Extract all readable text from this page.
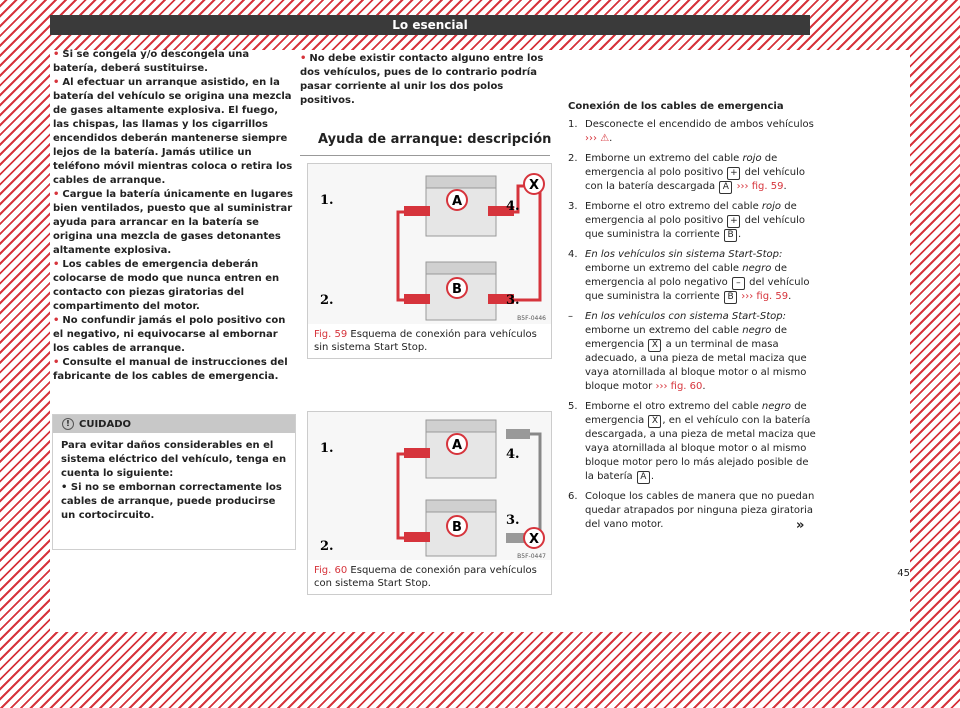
Lo esencial

• Si se congela y/o descongela una batería, deberá sustituirse.

• Al efectuar un arranque asistido, en la batería del vehículo se origina una mezcla de gases altamente explosiva. El fuego, las chispas, las llamas y los cigarrillos encendidos deberán mantenerse siempre lejos de la batería. Jamás utilice un teléfono móvil mientras coloca o retira los cables de arranque.

• Cargue la batería únicamente en lugares bien ventilados, puesto que al suministrar ayuda para arrancar en la batería se origina una mezcla de gases detonantes altamente explosiva.

• Los cables de emergencia deberán colocarse de modo que nunca entren en contacto con piezas giratorias del compartimento del motor.

• No confundir jamás el polo positivo con el negativo, ni equivocarse al embornar los cables de arranque.

• Consulte el manual de instrucciones del fabricante de los cables de emergencia.

! CUIDADO
Para evitar daños considerables en el sistema eléctrico del vehículo, tenga en cuenta lo siguiente:
• Si no se embornan correctamente los cables de arranque, puede producirse un cortocircuito.

• No debe existir contacto alguno entre los dos vehículos, pues de lo contrario podría pasar corriente al unir los dos polos positivos.

Ayuda de arranque: descripción
1.
2.	3.
4.
A
B
X
B5F-0446
Fig. 59 Esquema de conexión para vehículos sin sistema Start Stop.
1.
2.
3.
4.
A
B
X
B5F-0447
Fig. 60 Esquema de conexión para vehículos con sistema Start Stop.
Conexión de los cables de emergencia
1. Desconecte el encendido de ambos vehículos ››› ⚠.
2. Emborne un extremo del cable rojo de emergencia al polo positivo + del vehículo con la batería descargada A ››› fig. 59.
3. Emborne el otro extremo del cable rojo de emergencia al polo positivo + del vehículo que suministra la corriente B .
4. En los vehículos sin sistema Start-Stop: emborne un extremo del cable negro de emergencia al polo negativo – del vehículo que suministra la corriente B ››› fig. 59.
– En los vehículos con sistema Start-Stop: emborne un extremo del cable negro de emergencia X a un terminal de masa adecuado, a una pieza de metal maciza que vaya atornillada al bloque motor o al mismo bloque motor ››› fig. 60.
5. Emborne el otro extremo del cable negro de emergencia X , en el vehículo con la batería descargada, a una pieza de metal maciza que vaya atornillada al bloque motor o al mismo bloque motor pero lo más alejado posible de la batería A .
6. Coloque los cables de manera que no puedan quedar atrapados por ninguna pieza giratoria del vano motor.	»
45
